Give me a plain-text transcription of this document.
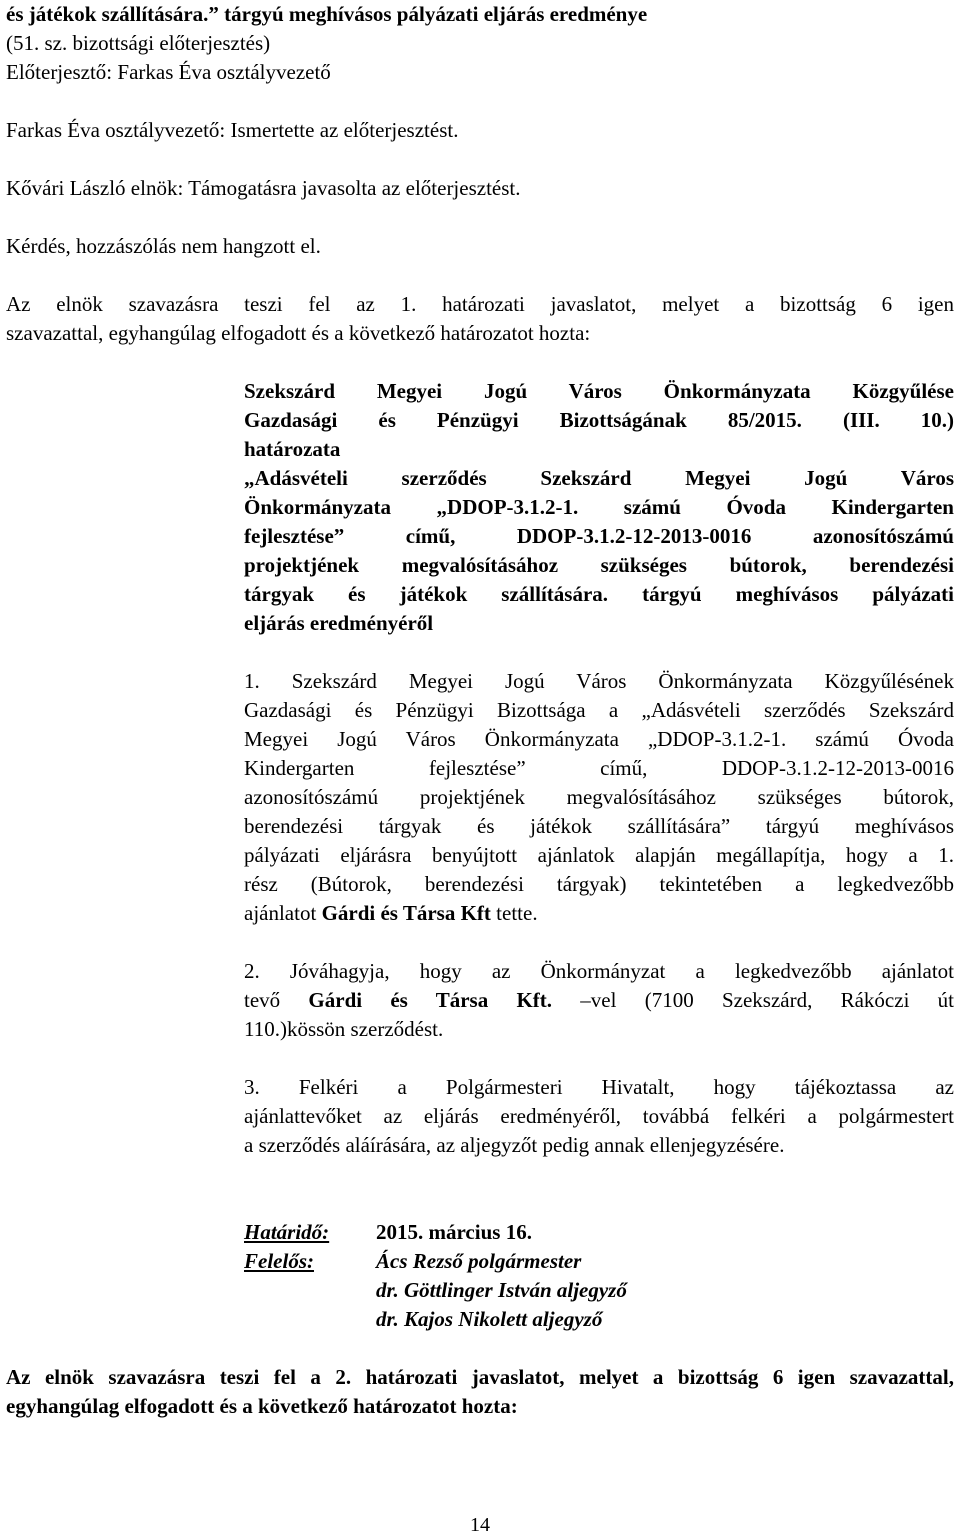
és játékok szállítására.” tárgyú meghívásos pályázati eljárás eredménye

(51. sz. bizottsági előterjesztés)

Előterjesztő: Farkas Éva osztályvezető

Farkas Éva osztályvezető: Ismertette az előterjesztést.

Kővári László elnök: Támogatásra javasolta az előterjesztést.

Kérdés, hozzászólás nem hangzott el.

Az elnök szavazásra teszi fel az 1. határozati javaslatot, melyet a bizottság 6 igen

szavazattal, egyhangúlag elfogadott és a következő határozatot hozta:

Szekszárd Megyei Jogú Város Önkormányzata Közgyűlése

Gazdasági és Pénzügyi Bizottságának 85/2015. (III. 10.)

határozata

„Adásvételi szerződés Szekszárd Megyei Jogú Város

Önkormányzata „DDOP-3.1.2-1. számú Óvoda Kindergarten

fejlesztése” című, DDOP-3.1.2-12-2013-0016 azonosítószámú

projektjének megvalósításához szükséges bútorok, berendezési

tárgyak és játékok szállítására. tárgyú meghívásos pályázati

eljárás eredményéről

1. Szekszárd Megyei Jogú Város Önkormányzata Közgyűlésének

Gazdasági és Pénzügyi Bizottsága a „Adásvételi szerződés Szekszárd

Megyei Jogú Város Önkormányzata „DDOP-3.1.2-1. számú Óvoda

Kindergarten fejlesztése” című, DDOP-3.1.2-12-2013-0016

azonosítószámú projektjének megvalósításához szükséges bútorok,

berendezési tárgyak és játékok szállítására” tárgyú meghívásos

pályázati eljárásra benyújtott ajánlatok alapján megállapítja, hogy a 1.

rész (Bútorok, berendezési tárgyak) tekintetében a legkedvezőbb

ajánlatot Gárdi és Társa Kft tette.

2. Jóváhagyja, hogy az Önkormányzat a legkedvezőbb ajánlatot

tevő Gárdi és Társa Kft. –vel (7100 Szekszárd, Rákóczi út

110.)kössön szerződést.

3. Felkéri a Polgármesteri Hivatalt, hogy tájékoztassa az

ajánlattevőket az eljárás eredményéről, továbbá felkéri a polgármestert

a szerződés aláírására, az aljegyzőt pedig annak ellenjegyzésére.

Határidő:	2015. március 16.
Felelős:	Ács Rezső polgármester
dr. Göttlinger István aljegyző
dr. Kajos Nikolett aljegyző

Az elnök szavazásra teszi fel a 2. határozati javaslatot, melyet a bizottság 6 igen szavazattal,

egyhangúlag elfogadott és a következő határozatot hozta:

14
